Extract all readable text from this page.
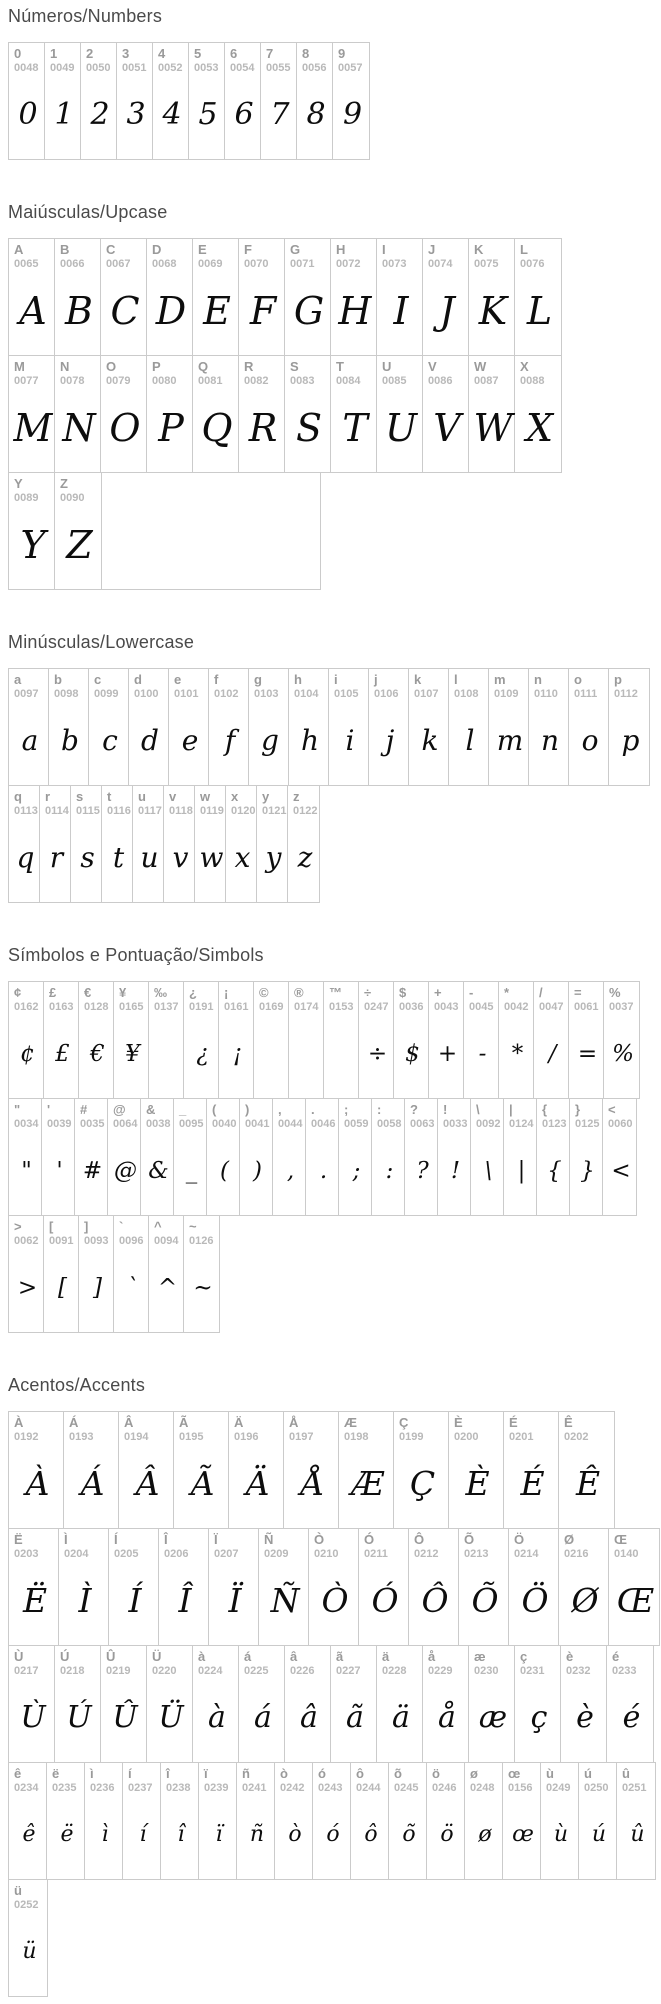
Números/Numbers
0
0048
0
1
0049
1
2
0050
2
3
0051
3
4
0052
4
5
0053
5
6
0054
6
7
0055
7
8
0056
8
9
0057
9
Maiúsculas/Upcase
A
0065
A
B
0066
B
C
0067
C
D
0068
D
E
0069
E
F
0070
F
G
0071
G
H
0072
H
I
0073
I
J
0074
J
K
0075
K
L
0076
L
M
0077
M
N
0078
N
O
0079
O
P
0080
P
Q
0081
Q
R
0082
R
S
0083
S
T
0084
T
U
0085
U
V
0086
V
W
0087
W
X
0088
X
Y
0089
Y
Z
0090
Z
Minúsculas/Lowercase
a
0097
a
b
0098
b
c
0099
c
d
0100
d
e
0101
e
f
0102
f
g
0103
g
h
0104
h
i
0105
i
j
0106
j
k
0107
k
l
0108
l
m
0109
m
n
0110
n
o
0111
o
p
0112
p
q
0113
q
r
0114
r
s
0115
s
t
0116
t
u
0117
u
v
0118
v
w
0119
w
x
0120
x
y
0121
y
z
0122
z
Símbolos e Pontuação/Simbols
¢
0162
¢
£
0163
£
€
0128
€
¥
0165
¥
‰
0137
¿
0191
¿
¡
0161
¡
©
0169
®
0174
™
0153
÷
0247
÷
$
0036
$
+
0043
+
-
0045
-
*
0042
*
/
0047
/
=
0061
=
%
0037
%
"
0034
"
'
0039
'
#
0035
#
@
0064
@
&
0038
&
_
0095
_
(
0040
(
)
0041
)
,
0044
,
.
0046
.
;
0059
;
:
0058
:
?
0063
?
!
0033
!
\
0092
\
|
0124
|
{
0123
{
}
0125
}
<
0060
<
>
0062
>
[
0091
[
]
0093
]
`
0096
`
^
0094
^
~
0126
~
Acentos/Accents
À
0192
À
Á
0193
Á
Â
0194
Â
Ã
0195
Ã
Ä
0196
Ä
Å
0197
Å
Æ
0198
Æ
Ç
0199
Ç
È
0200
È
É
0201
É
Ê
0202
Ê
Ë
0203
Ë
Ì
0204
Ì
Í
0205
Í
Î
0206
Î
Ï
0207
Ï
Ñ
0209
Ñ
Ò
0210
Ò
Ó
0211
Ó
Ô
0212
Ô
Õ
0213
Õ
Ö
0214
Ö
Ø
0216
Ø
Œ
0140
Œ
Ù
0217
Ù
Ú
0218
Ú
Û
0219
Û
Ü
0220
Ü
à
0224
à
á
0225
á
â
0226
â
ã
0227
ã
ä
0228
ä
å
0229
å
æ
0230
æ
ç
0231
ç
è
0232
è
é
0233
é
ê
0234
ê
ë
0235
ë
ì
0236
ì
í
0237
í
î
0238
î
ï
0239
ï
ñ
0241
ñ
ò
0242
ò
ó
0243
ó
ô
0244
ô
õ
0245
õ
ö
0246
ö
ø
0248
ø
œ
0156
œ
ù
0249
ù
ú
0250
ú
û
0251
û
ü
0252
ü
